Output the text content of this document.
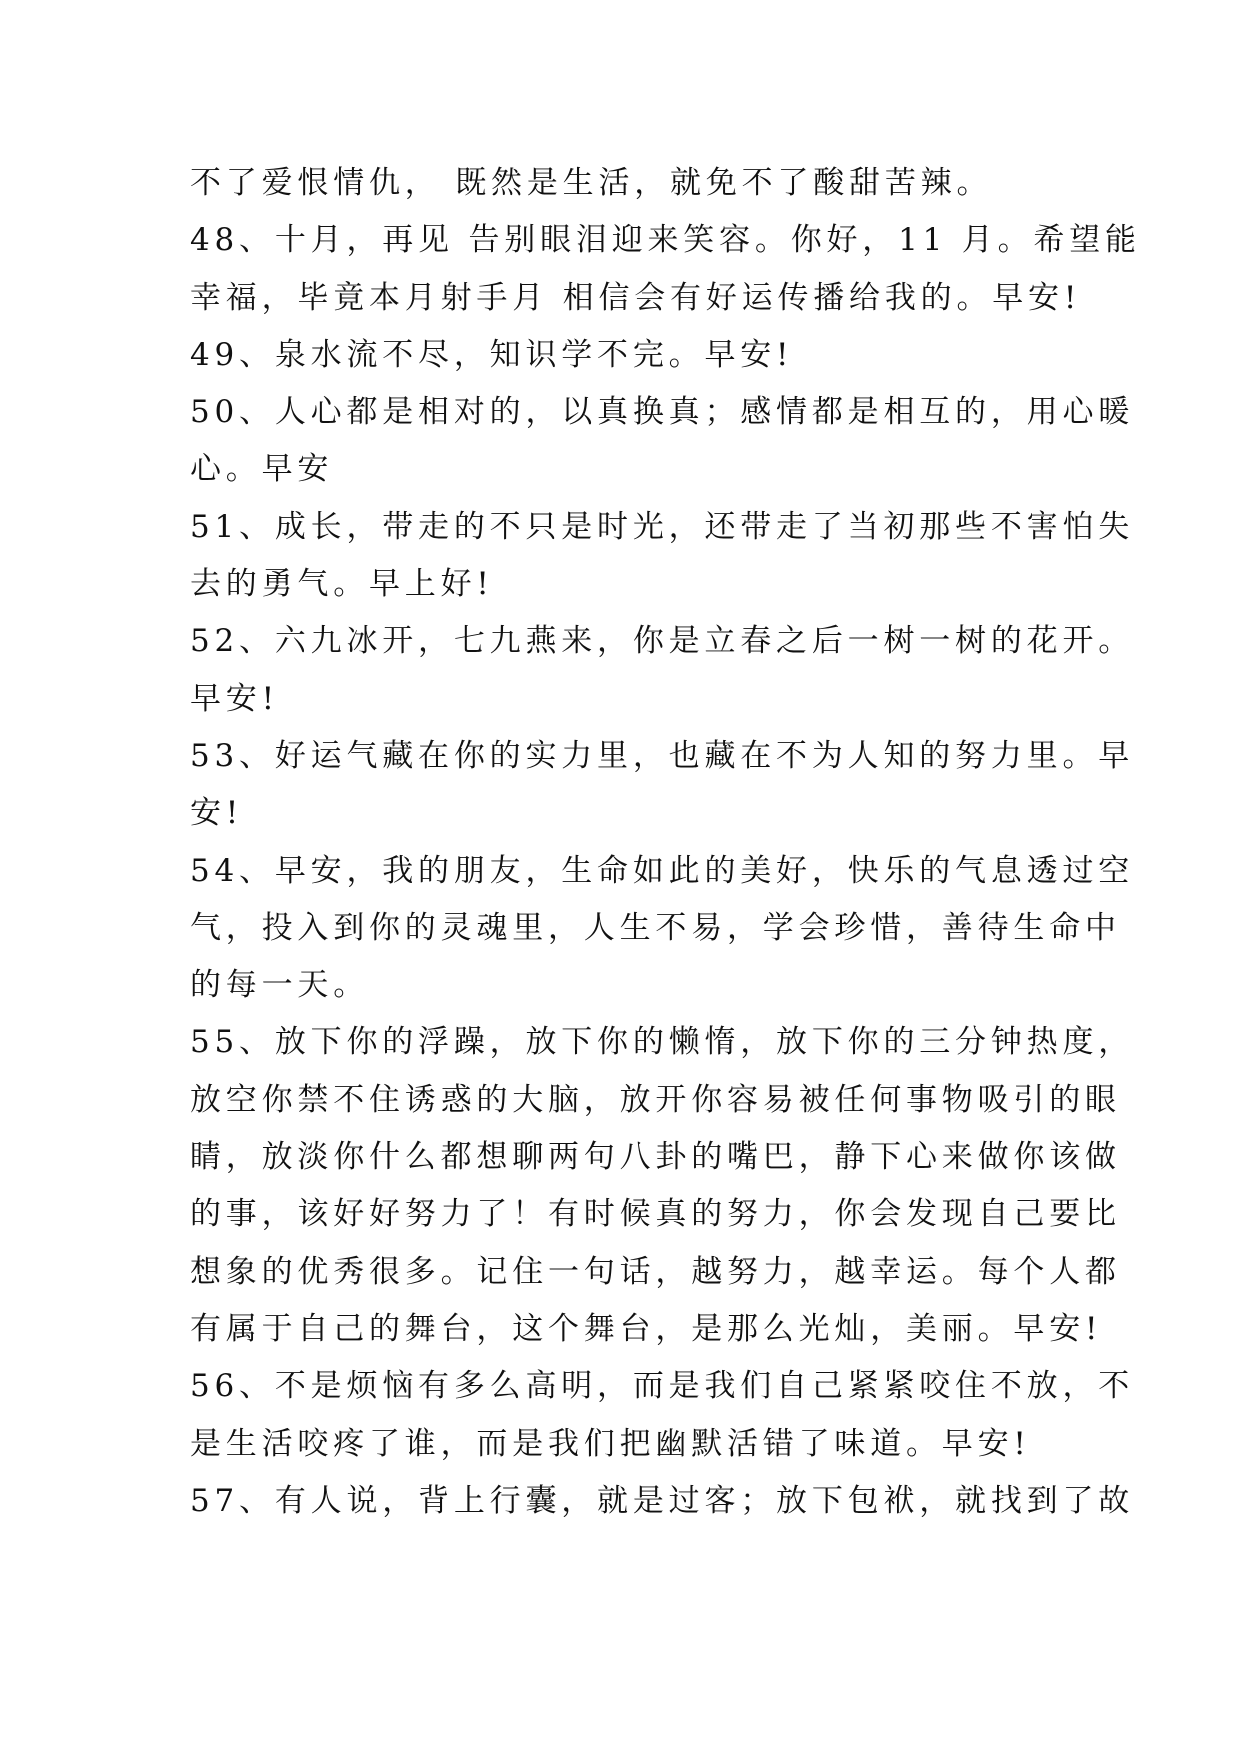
不了爱恨情仇， 既然是生活，就免不了酸甜苦辣。
48、十月，再见 告别眼泪迎来笑容。你好，11 月。希望能
幸福，毕竟本月射手月 相信会有好运传播给我的。早安!
49、泉水流不尽，知识学不完。早安!
50、人心都是相对的，以真换真；感情都是相互的，用心暖
心。早安
51、成长，带走的不只是时光，还带走了当初那些不害怕失
去的勇气。早上好!
52、六九冰开，七九燕来，你是立春之后一树一树的花开。
早安!
53、好运气藏在你的实力里，也藏在不为人知的努力里。早
安!
54、早安，我的朋友，生命如此的美好，快乐的气息透过空
气，投入到你的灵魂里，人生不易，学会珍惜，善待生命中
的每一天。
55、放下你的浮躁，放下你的懒惰，放下你的三分钟热度，
放空你禁不住诱惑的大脑，放开你容易被任何事物吸引的眼
睛，放淡你什么都想聊两句八卦的嘴巴，静下心来做你该做
的事，该好好努力了！有时候真的努力，你会发现自己要比
想象的优秀很多。记住一句话，越努力，越幸运。每个人都
有属于自己的舞台，这个舞台，是那么光灿，美丽。早安!
56、不是烦恼有多么高明，而是我们自己紧紧咬住不放，不
是生活咬疼了谁，而是我们把幽默活错了味道。早安!
57、有人说，背上行囊，就是过客；放下包袱，就找到了故
